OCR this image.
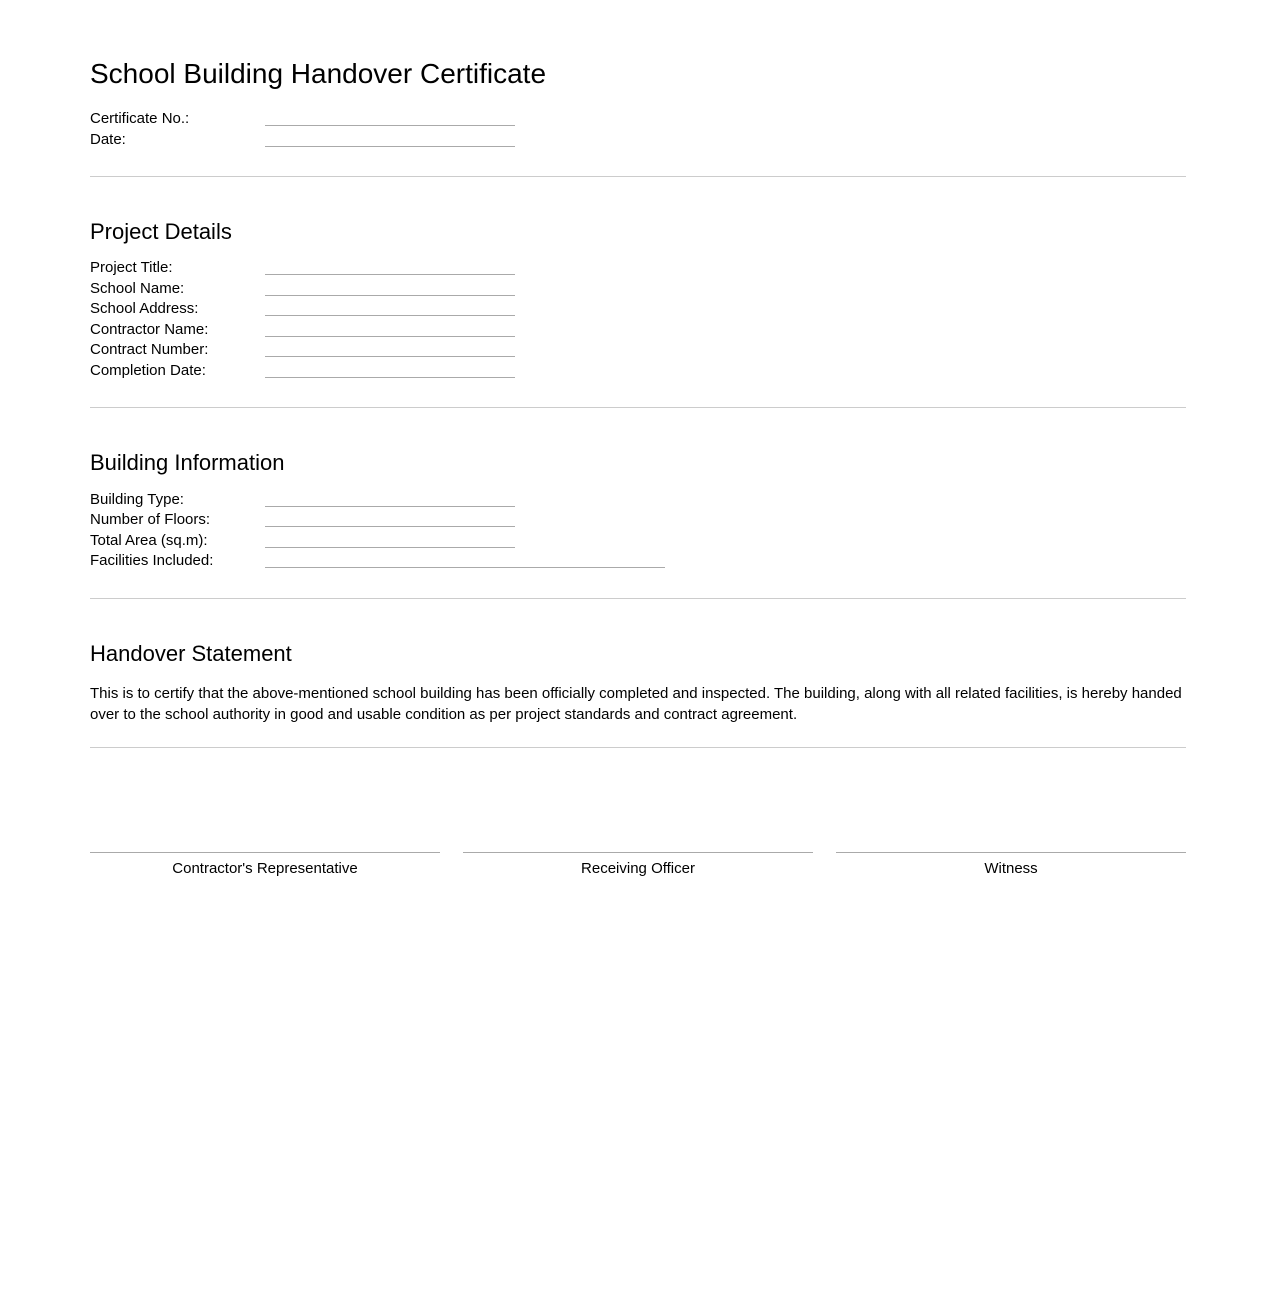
School Building Handover Certificate
Certificate No.:
Date:
Project Details
Project Title:
School Name:
School Address:
Contractor Name:
Contract Number:
Completion Date:
Building Information
Building Type:
Number of Floors:
Total Area (sq.m):
Facilities Included:
Handover Statement

This is to certify that the above-mentioned school building has been officially completed and inspected. The building, along with all related facilities, is hereby handed over to the school authority in good and usable condition as per project standards and contract agreement.

Contractor's Representative	Receiving Officer	Witness
